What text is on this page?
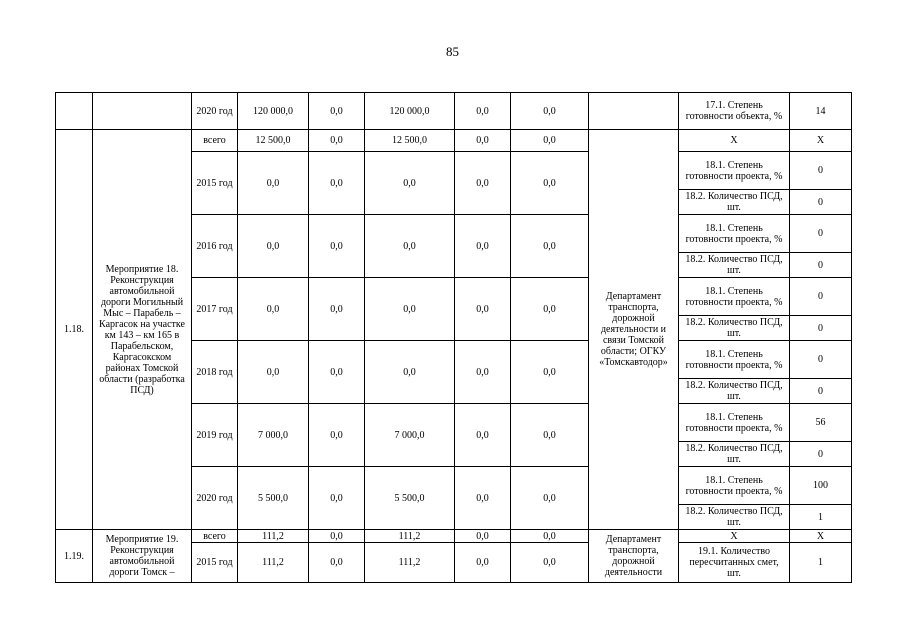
85
		2020 год	120 000,0	0,0	120 000,0	0,0	0,0		17.1. Степень готовности объекта, %	14
1.18.	Мероприятие 18. Реконструкция автомобильной дороги Могильный Мыс – Парабель – Каргасок на участке км 143 – км 165 в Парабельском, Каргасокском районах Томской области (разработка ПСД)	всего	12 500,0	0,0	12 500,0	0,0	0,0	Департамент транспорта, дорожной деятельности и связи Томской области; ОГКУ «Томскавтодор»	Х	Х
		2015 год	0,0	0,0	0,0	0,0	0,0		18.1. Степень готовности проекта, %	0
									18.2. Количество ПСД, шт.	0
		2016 год	0,0	0,0	0,0	0,0	0,0		18.1. Степень готовности проекта, %	0
									18.2. Количество ПСД, шт.	0
		2017 год	0,0	0,0	0,0	0,0	0,0		18.1. Степень готовности проекта, %	0
									18.2. Количество ПСД, шт.	0
		2018 год	0,0	0,0	0,0	0,0	0,0		18.1. Степень готовности проекта, %	0
									18.2. Количество ПСД, шт.	0
		2019 год	7 000,0	0,0	7 000,0	0,0	0,0		18.1. Степень готовности проекта, %	56
									18.2. Количество ПСД, шт.	0
		2020 год	5 500,0	0,0	5 500,0	0,0	0,0		18.1. Степень готовности проекта, %	100
									18.2. Количество ПСД, шт.	1
1.19.	Мероприятие 19. Реконструкция автомобильной дороги Томск –	всего	111,2	0,0	111,2	0,0	0,0	Департамент транспорта, дорожной деятельности	Х	Х
		2015 год	111,2	0,0	111,2	0,0	0,0		19.1. Количество пересчитанных смет, шт.	1
